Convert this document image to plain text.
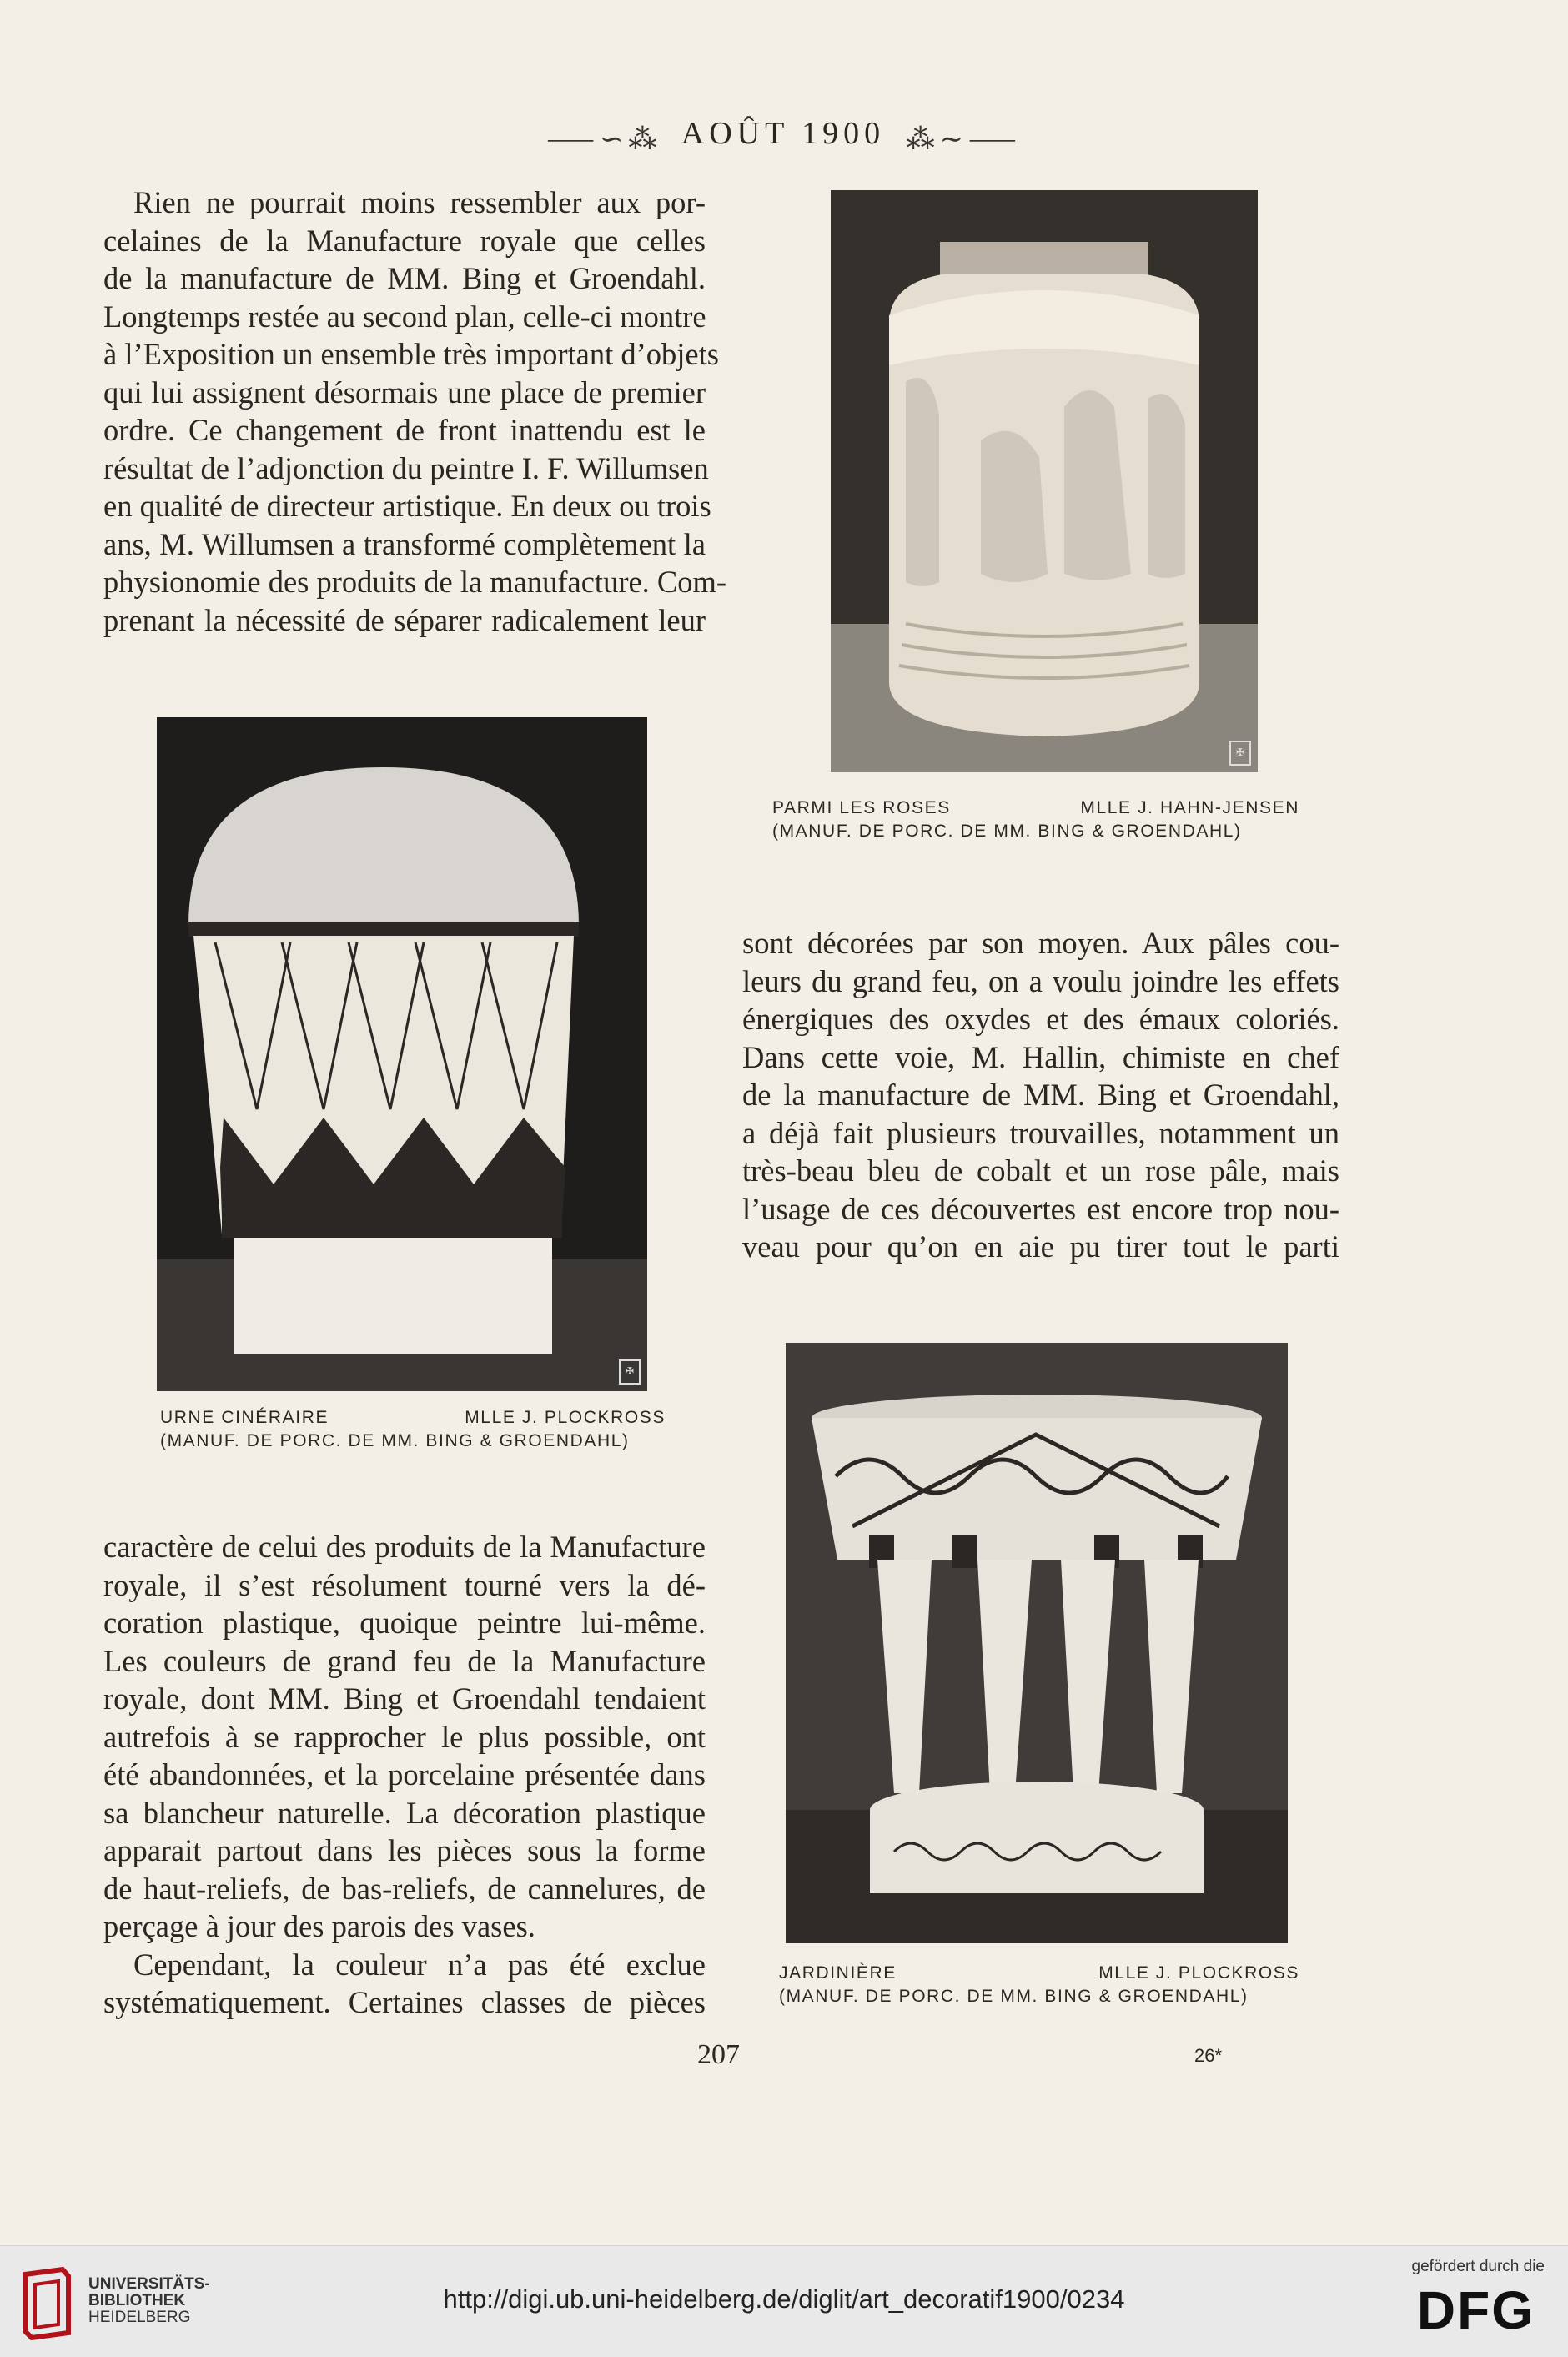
⸺∽⁂ AOÛT 1900 ⁂∼⸺
Rien ne pourrait moins ressembler aux por-
celaines de la Manufacture royale que celles
de la manufacture de MM. Bing et Groendahl.
Longtemps restée au second plan, celle-ci montre
à l’Exposition un ensemble très important d’objets
qui lui assignent désormais une place de premier
ordre. Ce changement de front inattendu est le
résultat de l’adjonction du peintre I. F. Willumsen
en qualité de directeur artistique. En deux ou trois
ans, M. Willumsen a transformé complètement la
physionomie des produits de la manufacture. Com-
prenant la nécessité de séparer radicalement leur
✠
PARMI LES ROSES	MLLE J. HAHN-JENSEN
(MANUF. DE PORC. DE MM. BING & GROENDAHL)
✠
URNE CINÉRAIRE	MLLE J. PLOCKROSS
(MANUF. DE PORC. DE MM. BING & GROENDAHL)
sont décorées par son moyen. Aux pâles cou-
leurs du grand feu, on a voulu joindre les effets
énergiques des oxydes et des émaux coloriés.
Dans cette voie, M. Hallin, chimiste en chef
de la manufacture de MM. Bing et Groendahl,
a déjà fait plusieurs trouvailles, notamment un
très-beau bleu de cobalt et un rose pâle, mais
l’usage de ces découvertes est encore trop nou-
veau pour qu’on en aie pu tirer tout le parti
JARDINIÈRE	MLLE J. PLOCKROSS
(MANUF. DE PORC. DE MM. BING & GROENDAHL)
caractère de celui des produits de la Manufacture
royale, il s’est résolument tourné vers la dé-
coration plastique, quoique peintre lui-même.
Les couleurs de grand feu de la Manufacture
royale, dont MM. Bing et Groendahl tendaient
autrefois à se rapprocher le plus possible, ont
été abandonnées, et la porcelaine présentée dans
sa blancheur naturelle. La décoration plastique
apparait partout dans les pièces sous la forme
de haut-reliefs, de bas-reliefs, de cannelures, de
perçage à jour des parois des vases.
Cependant, la couleur n’a pas été exclue
systématiquement. Certaines classes de pièces
207	26*
UNIVERSITÄTS-
BIBLIOTHEK
HEIDELBERG
http://digi.ub.uni-heidelberg.de/diglit/art_decoratif1900/0234
gefördert durch die
DFG
